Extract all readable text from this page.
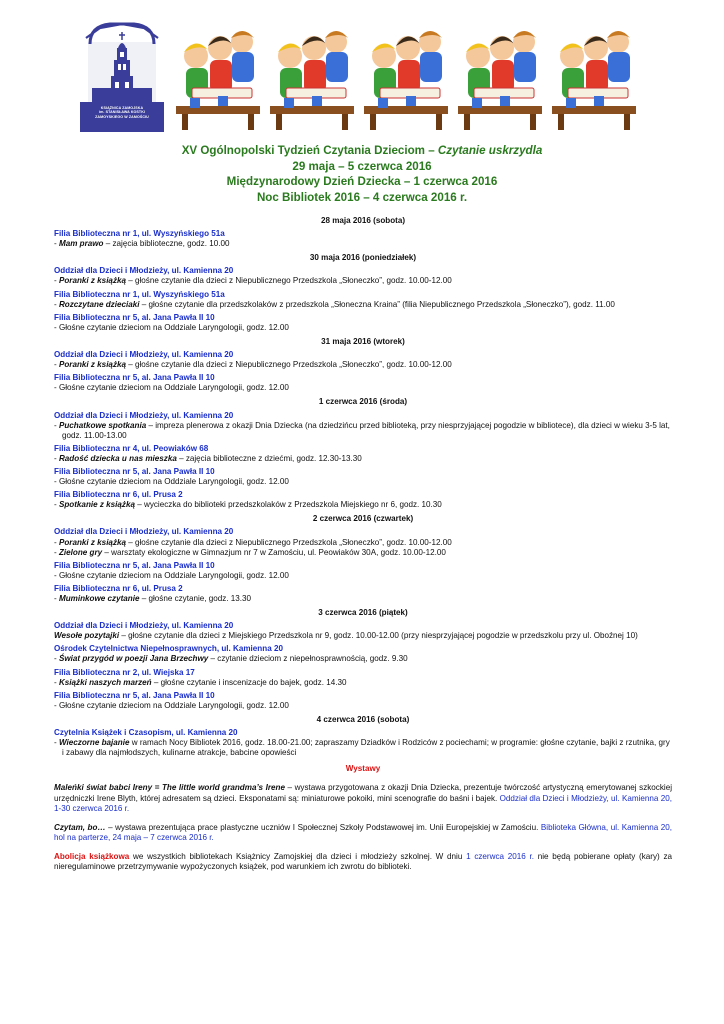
KSIĄŻNICA ZAMOJSKA
im. STANISŁAWA KOSTKI
ZAMOYSKIEGO W ZAMOŚCIU
XV Ogólnopolski Tydzień Czytania Dzieciom – Czytanie uskrzydla
29 maja – 5 czerwca 2016
Międzynarodowy Dzień Dziecka – 1 czerwca 2016
Noc Bibliotek 2016 – 4 czerwca 2016 r.
28 maja 2016 (sobota)
Filia Biblioteczna nr 1, ul. Wyszyńskiego 51a
- Mam prawo – zajęcia biblioteczne, godz. 10.00
30 maja 2016 (poniedziałek)
Oddział dla Dzieci i Młodzieży, ul. Kamienna 20
- Poranki z książką – głośne czytanie dla dzieci z Niepublicznego Przedszkola „Słoneczko”, godz. 10.00-12.00
Filia Biblioteczna nr 1, ul. Wyszyńskiego 51a
- Rozczytane dzieciaki – głośne czytanie dla przedszkolaków z przedszkola „Słoneczna Kraina” (filia Niepublicznego Przedszkola „Słoneczko”), godz. 11.00
Filia Biblioteczna nr 5, al. Jana Pawła II 10
- Głośne czytanie dzieciom na Oddziale Laryngologii, godz. 12.00
31 maja 2016 (wtorek)
Oddział dla Dzieci i Młodzieży, ul. Kamienna 20
- Poranki z książką – głośne czytanie dla dzieci z Niepublicznego Przedszkola „Słoneczko”, godz. 10.00-12.00
Filia Biblioteczna nr 5, al. Jana Pawła II 10
- Głośne czytanie dzieciom na Oddziale Laryngologii, godz. 12.00
1 czerwca 2016 (środa)
Oddział dla Dzieci i Młodzieży, ul. Kamienna 20
- Puchatkowe spotkania – impreza plenerowa z okazji Dnia Dziecka (na dziedzińcu przed biblioteką, przy niesprzyjającej pogodzie w bibliotece), dla dzieci w wieku 3-5 lat, godz. 11.00-13.00
Filia Biblioteczna nr 4, ul. Peowiaków 68
- Radość dziecka u nas mieszka – zajęcia biblioteczne z dziećmi, godz. 12.30-13.30
Filia Biblioteczna nr 5, al. Jana Pawła II 10
- Głośne czytanie dzieciom na Oddziale Laryngologii, godz. 12.00
Filia Biblioteczna nr 6, ul. Prusa 2
- Spotkanie z książką – wycieczka do biblioteki przedszkolaków z Przedszkola Miejskiego nr 6, godz. 10.30
2 czerwca 2016 (czwartek)
Oddział dla Dzieci i Młodzieży, ul. Kamienna 20
- Poranki z książką – głośne czytanie dla dzieci z Niepublicznego Przedszkola „Słoneczko”, godz. 10.00-12.00
- Zielone gry – warsztaty ekologiczne w Gimnazjum nr 7 w Zamościu, ul. Peowiaków 30A, godz. 10.00-12.00
Filia Biblioteczna nr 5, al. Jana Pawła II 10
- Głośne czytanie dzieciom na Oddziale Laryngologii, godz. 12.00
Filia Biblioteczna nr 6, ul. Prusa 2
- Muminkowe czytanie – głośne czytanie, godz. 13.30
3 czerwca 2016 (piątek)
Oddział dla Dzieci i Młodzieży, ul. Kamienna 20
Wesołe pozytajki – głośne czytanie dla dzieci z Miejskiego Przedszkola nr 9, godz. 10.00-12.00 (przy niesprzyjającej pogodzie w przedszkolu przy ul. Oboźnej 10)
Ośrodek Czytelnictwa Niepełnosprawnych, ul. Kamienna 20
- Świat przygód w poezji Jana Brzechwy – czytanie dzieciom z niepełnosprawnością, godz. 9.30
Filia Biblioteczna nr 2, ul. Wiejska 17
- Książki naszych marzeń – głośne czytanie i inscenizacje do bajek, godz. 14.30
Filia Biblioteczna nr 5, al. Jana Pawła II 10
- Głośne czytanie dzieciom na Oddziale Laryngologii, godz. 12.00
4 czerwca 2016 (sobota)
Czytelnia Książek i Czasopism, ul. Kamienna 20
- Wieczorne bajanie w ramach Nocy Bibliotek 2016, godz. 18.00-21.00; zapraszamy Dziadków i Rodziców z pociechami; w programie: głośne czytanie, bajki z rzutnika, gry i zabawy dla najmłodszych, kulinarne atrakcje, babcine opowieści
Wystawy
Maleńki świat babci Ireny = The little world grandma’s Irene – wystawa przygotowana z okazji Dnia Dziecka, prezentuje twórczość artystyczną emerytowanej szkockiej urzędniczki Irene Blyth, której adresatem są dzieci. Eksponatami są: miniaturowe pokoiki, mini scenografie do baśni i bajek. Oddział dla Dzieci i Młodzieży, ul. Kamienna 20, 1-30 czerwca 2016 r.
Czytam, bo… – wystawa prezentująca prace plastyczne uczniów I Społecznej Szkoły Podstawowej im. Unii Europejskiej w Zamościu. Biblioteka Główna, ul. Kamienna 20, hol na parterze, 24 maja – 7 czerwca 2016 r.
Abolicja książkowa we wszystkich bibliotekach Książnicy Zamojskiej dla dzieci i młodzieży szkolnej. W dniu 1 czerwca 2016 r. nie będą pobierane opłaty (kary) za nieregulaminowe przetrzymywanie wypożyczonych książek, pod warunkiem ich zwrotu do biblioteki.
